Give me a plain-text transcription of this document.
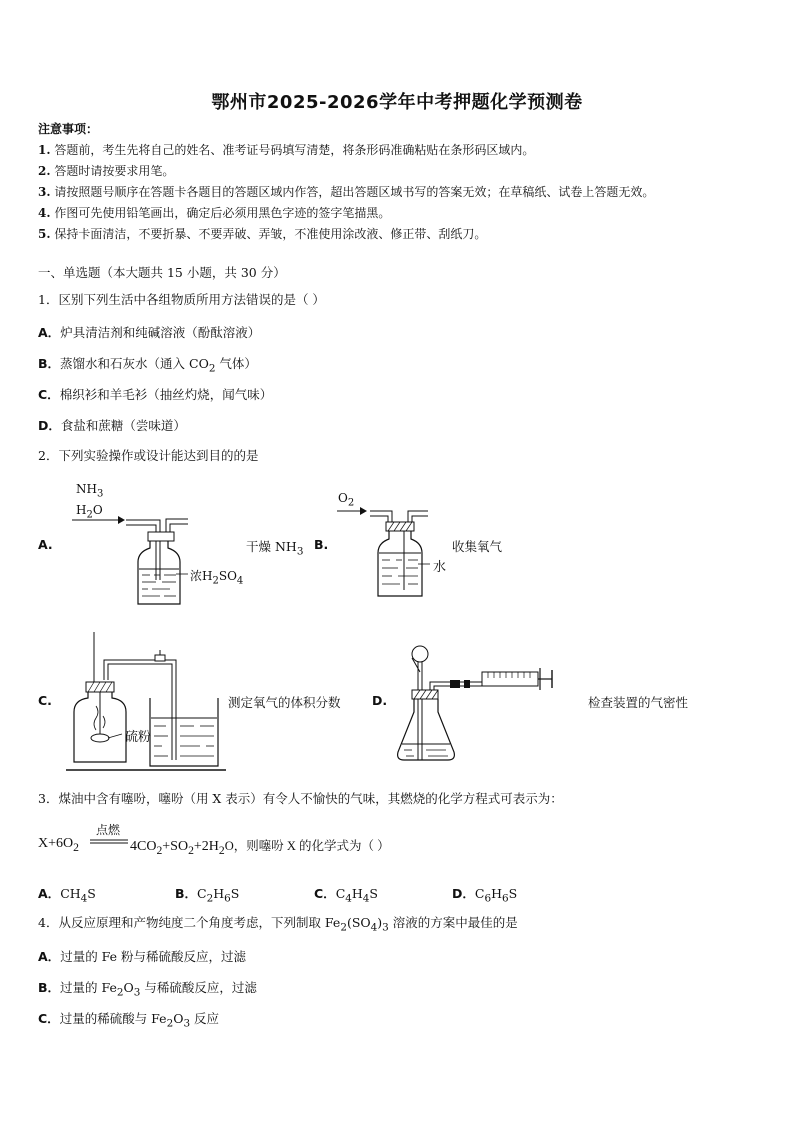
鄂州市2025-2026学年中考押题化学预测卷
注意事项：
1. 答题前，考生先将自己的姓名、准考证号码填写清楚，将条形码准确粘贴在条形码区域内。
2. 答题时请按要求用笔。
3. 请按照题号顺序在答题卡各题目的答题区域内作答，超出答题区域书写的答案无效；在草稿纸、试卷上答题无效。
4. 作图可先使用铅笔画出，确定后必须用黑色字迹的签字笔描黑。
5. 保持卡面清洁，不要折暴、不要弄破、弄皱，不准使用涂改液、修正带、刮纸刀。
一、单选题（本大题共 15 小题，共 30 分）
1．区别下列生活中各组物质所用方法错误的是（ ）
A．炉具清洁剂和纯碱溶液（酚酞溶液）
B．蒸馏水和石灰水（通入 $CO_2$ 气体）
C．棉织衫和羊毛衫（抽丝灼烧，闻气味）
D．食盐和蔗糖（尝味道）
2．下列实验操作或设计能达到目的的是
A.
$NH_3$
$H_2O$
浓$H_2SO_4$
干燥 $NH_3$ B.
$O_2$
水
收集氧气
C.
硫粉
测定氧气的体积分数	D.	检查装置的气密性
3．煤油中含有噻吩，噻吩（用 X 表示）有令人不愉快的气味，其燃烧的化学方程式可表示为：
点燃
$X+6O_2$	$4CO_2+SO_2+2H_2O$，则噻吩 X 的化学式为（ ）
A．$CH_4S$	B．$C_2H_6S$	C．$C_4H_4S$	D．$C_6H_6S$
4．从反应原理和产物纯度二个角度考虑，下列制取 $Fe_2(SO_4)_3$ 溶液的方案中最佳的是
A．过量的 Fe 粉与稀硫酸反应，过滤
B．过量的 $Fe_2O_3$ 与稀硫酸反应，过滤
C．过量的稀硫酸与 $Fe_2O_3$ 反应
